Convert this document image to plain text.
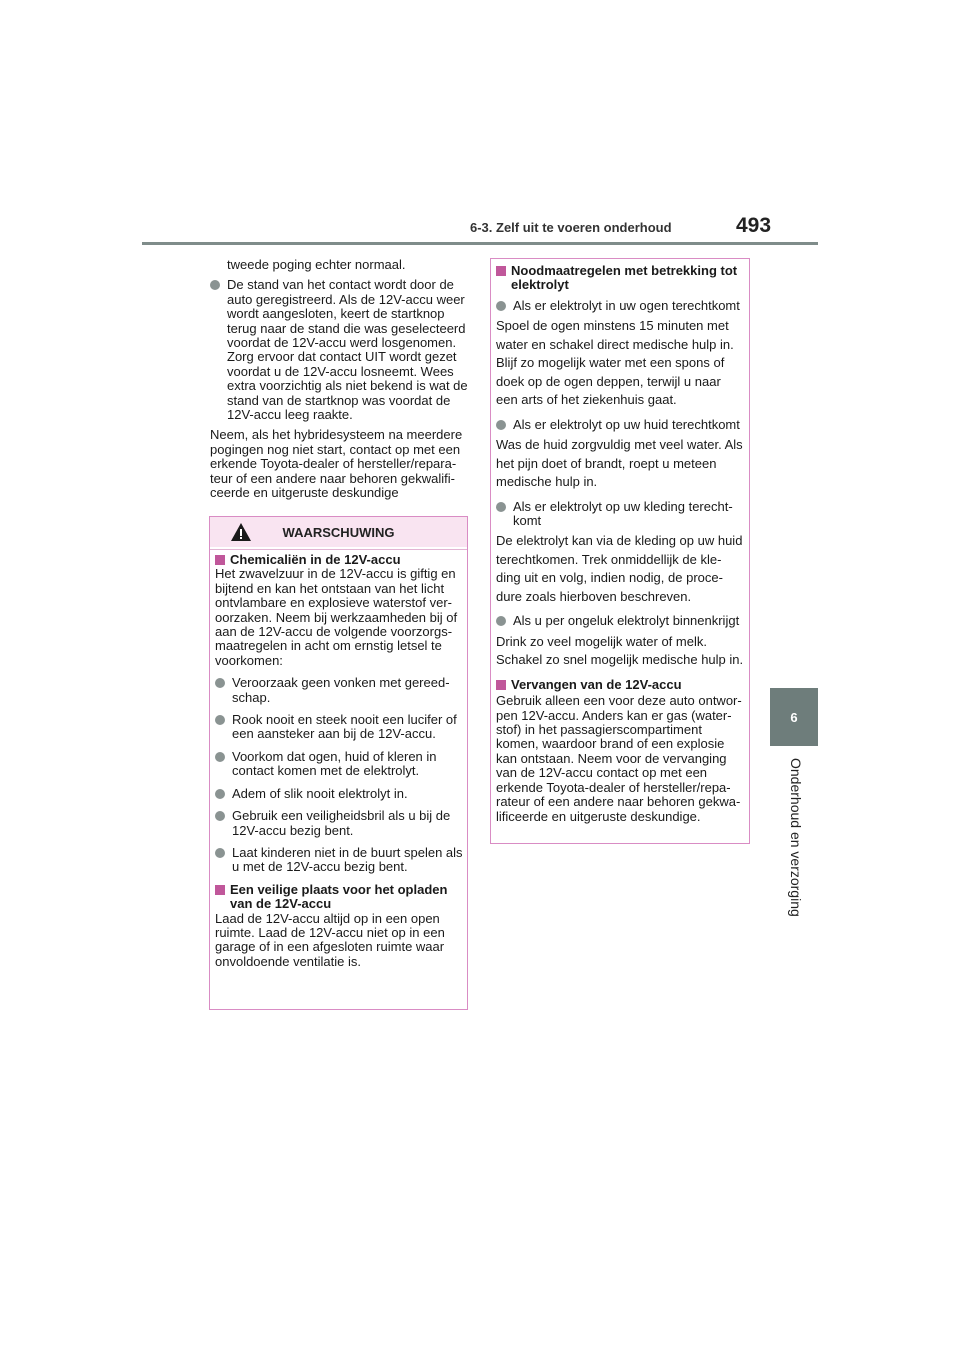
6-3. Zelf uit te voeren onderhoud	493
6
Onderhoud en verzorging

tweede poging echter normaal.

De stand van het contact wordt door de auto geregistreerd. Als de 12V-accu weer wordt aangesloten, keert de startknop terug naar de stand die was geselecteerd voordat de 12V-accu werd losgenomen. Zorg ervoor dat contact UIT wordt gezet voordat u de 12V-accu losneemt. Wees extra voorzichtig als niet bekend is wat de stand van de startknop was voordat de 12V-accu leeg raakte.

Neem, als het hybridesysteem na meerdere pogingen nog niet start, contact op met een erkende Toyota-dealer of hersteller/repara-teur of een andere naar behoren gekwalifi-ceerde en uitgeruste deskundige

WAARSCHUWING
Chemicaliën in de 12V-accu

Het zwavelzuur in de 12V-accu is giftig en bijtend en kan het ontstaan van het licht ontvlambare en explosieve waterstof ver-oorzaken. Neem bij werkzaamheden bij of aan de 12V-accu de volgende voorzorgs-maatregelen in acht om ernstig letsel te voorkomen:

Veroorzaak geen vonken met gereed-schap.

Rook nooit en steek nooit een lucifer of een aansteker aan bij de 12V-accu.

Voorkom dat ogen, huid of kleren in contact komen met de elektrolyt.

Adem of slik nooit elektrolyt in.

Gebruik een veiligheidsbril als u bij de 12V-accu bezig bent.

Laat kinderen niet in de buurt spelen als u met de 12V-accu bezig bent.

Een veilige plaats voor het opladen van de 12V-accu

Laad de 12V-accu altijd op in een open ruimte. Laad de 12V-accu niet op in een garage of in een afgesloten ruimte waar onvoldoende ventilatie is.

Noodmaatregelen met betrekking tot elektrolyt

Als er elektrolyt in uw ogen terechtkomt

Spoel de ogen minstens 15 minuten met water en schakel direct medische hulp in. Blijf zo mogelijk water met een spons of doek op de ogen deppen, terwijl u naar een arts of het ziekenhuis gaat.

Als er elektrolyt op uw huid terechtkomt

Was de huid zorgvuldig met veel water. Als het pijn doet of brandt, roept u meteen medische hulp in.

Als er elektrolyt op uw kleding terecht-komt

De elektrolyt kan via de kleding op uw huid terechtkomen. Trek onmiddellijk de kle-ding uit en volg, indien nodig, de proce-dure zoals hierboven beschreven.

Als u per ongeluk elektrolyt binnenkrijgt

Drink zo veel mogelijk water of melk. Schakel zo snel mogelijk medische hulp in.

Vervangen van de 12V-accu

Gebruik alleen een voor deze auto ontwor-pen 12V-accu. Anders kan er gas (water-stof) in het passagierscompartiment komen, waardoor brand of een explosie kan ontstaan. Neem voor de vervanging van de 12V-accu contact op met een erkende Toyota-dealer of hersteller/repa-rateur of een andere naar behoren gekwa-lificeerde en uitgeruste deskundige.
